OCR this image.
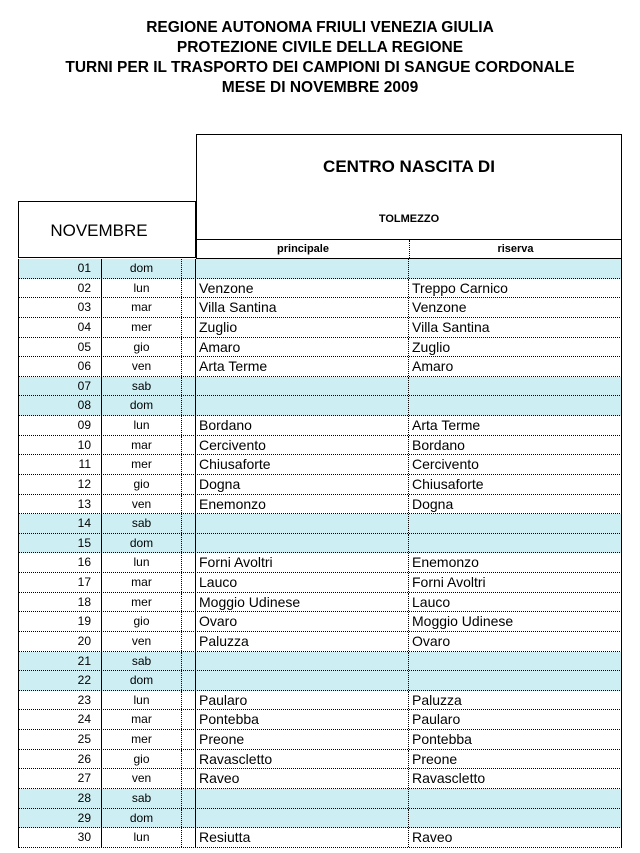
REGIONE AUTONOMA FRIULI VENEZIA GIULIA
PROTEZIONE CIVILE DELLA REGIONE
TURNI PER IL TRASPORTO DEI CAMPIONI DI SANGUE CORDONALE
MESE DI NOVEMBRE 2009
CENTRO NASCITA DI
TOLMEZZO
principale	riserva
NOVEMBRE
01	dom
02	lun	Venzone	Treppo Carnico
03	mar	Villa Santina	Venzone
04	mer	Zuglio	Villa Santina
05	gio	Amaro	Zuglio
06	ven	Arta Terme	Amaro
07	sab
08	dom
09	lun	Bordano	Arta Terme
10	mar	Cercivento	Bordano
11	mer	Chiusaforte	Cercivento
12	gio	Dogna	Chiusaforte
13	ven	Enemonzo	Dogna
14	sab
15	dom
16	lun	Forni Avoltri	Enemonzo
17	mar	Lauco	Forni Avoltri
18	mer	Moggio Udinese	Lauco
19	gio	Ovaro	Moggio Udinese
20	ven	Paluzza	Ovaro
21	sab
22	dom
23	lun	Paularo	Paluzza
24	mar	Pontebba	Paularo
25	mer	Preone	Pontebba
26	gio	Ravascletto	Preone
27	ven	Raveo	Ravascletto
28	sab
29	dom
30	lun	Resiutta	Raveo
